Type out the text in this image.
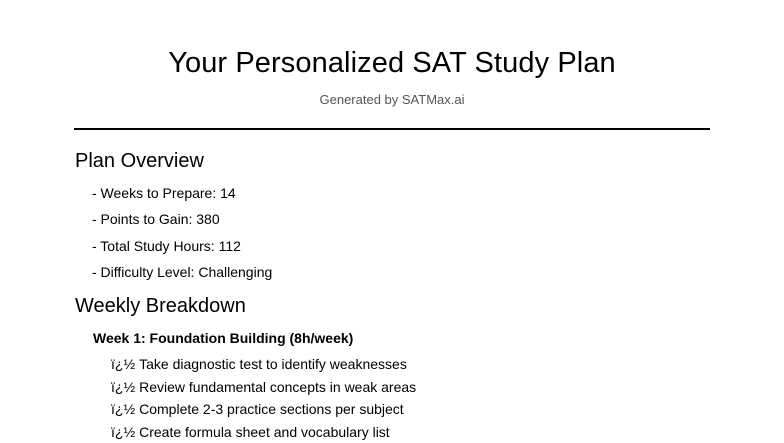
Your Personalized SAT Study Plan
Generated by SATMax.ai
Plan Overview
- Weeks to Prepare: 14
- Points to Gain: 380
- Total Study Hours: 112
- Difficulty Level: Challenging
Weekly Breakdown
Week 1: Foundation Building (8h/week)
ï¿½ Take diagnostic test to identify weaknesses
ï¿½ Review fundamental concepts in weak areas
ï¿½ Complete 2-3 practice sections per subject
ï¿½ Create formula sheet and vocabulary list
